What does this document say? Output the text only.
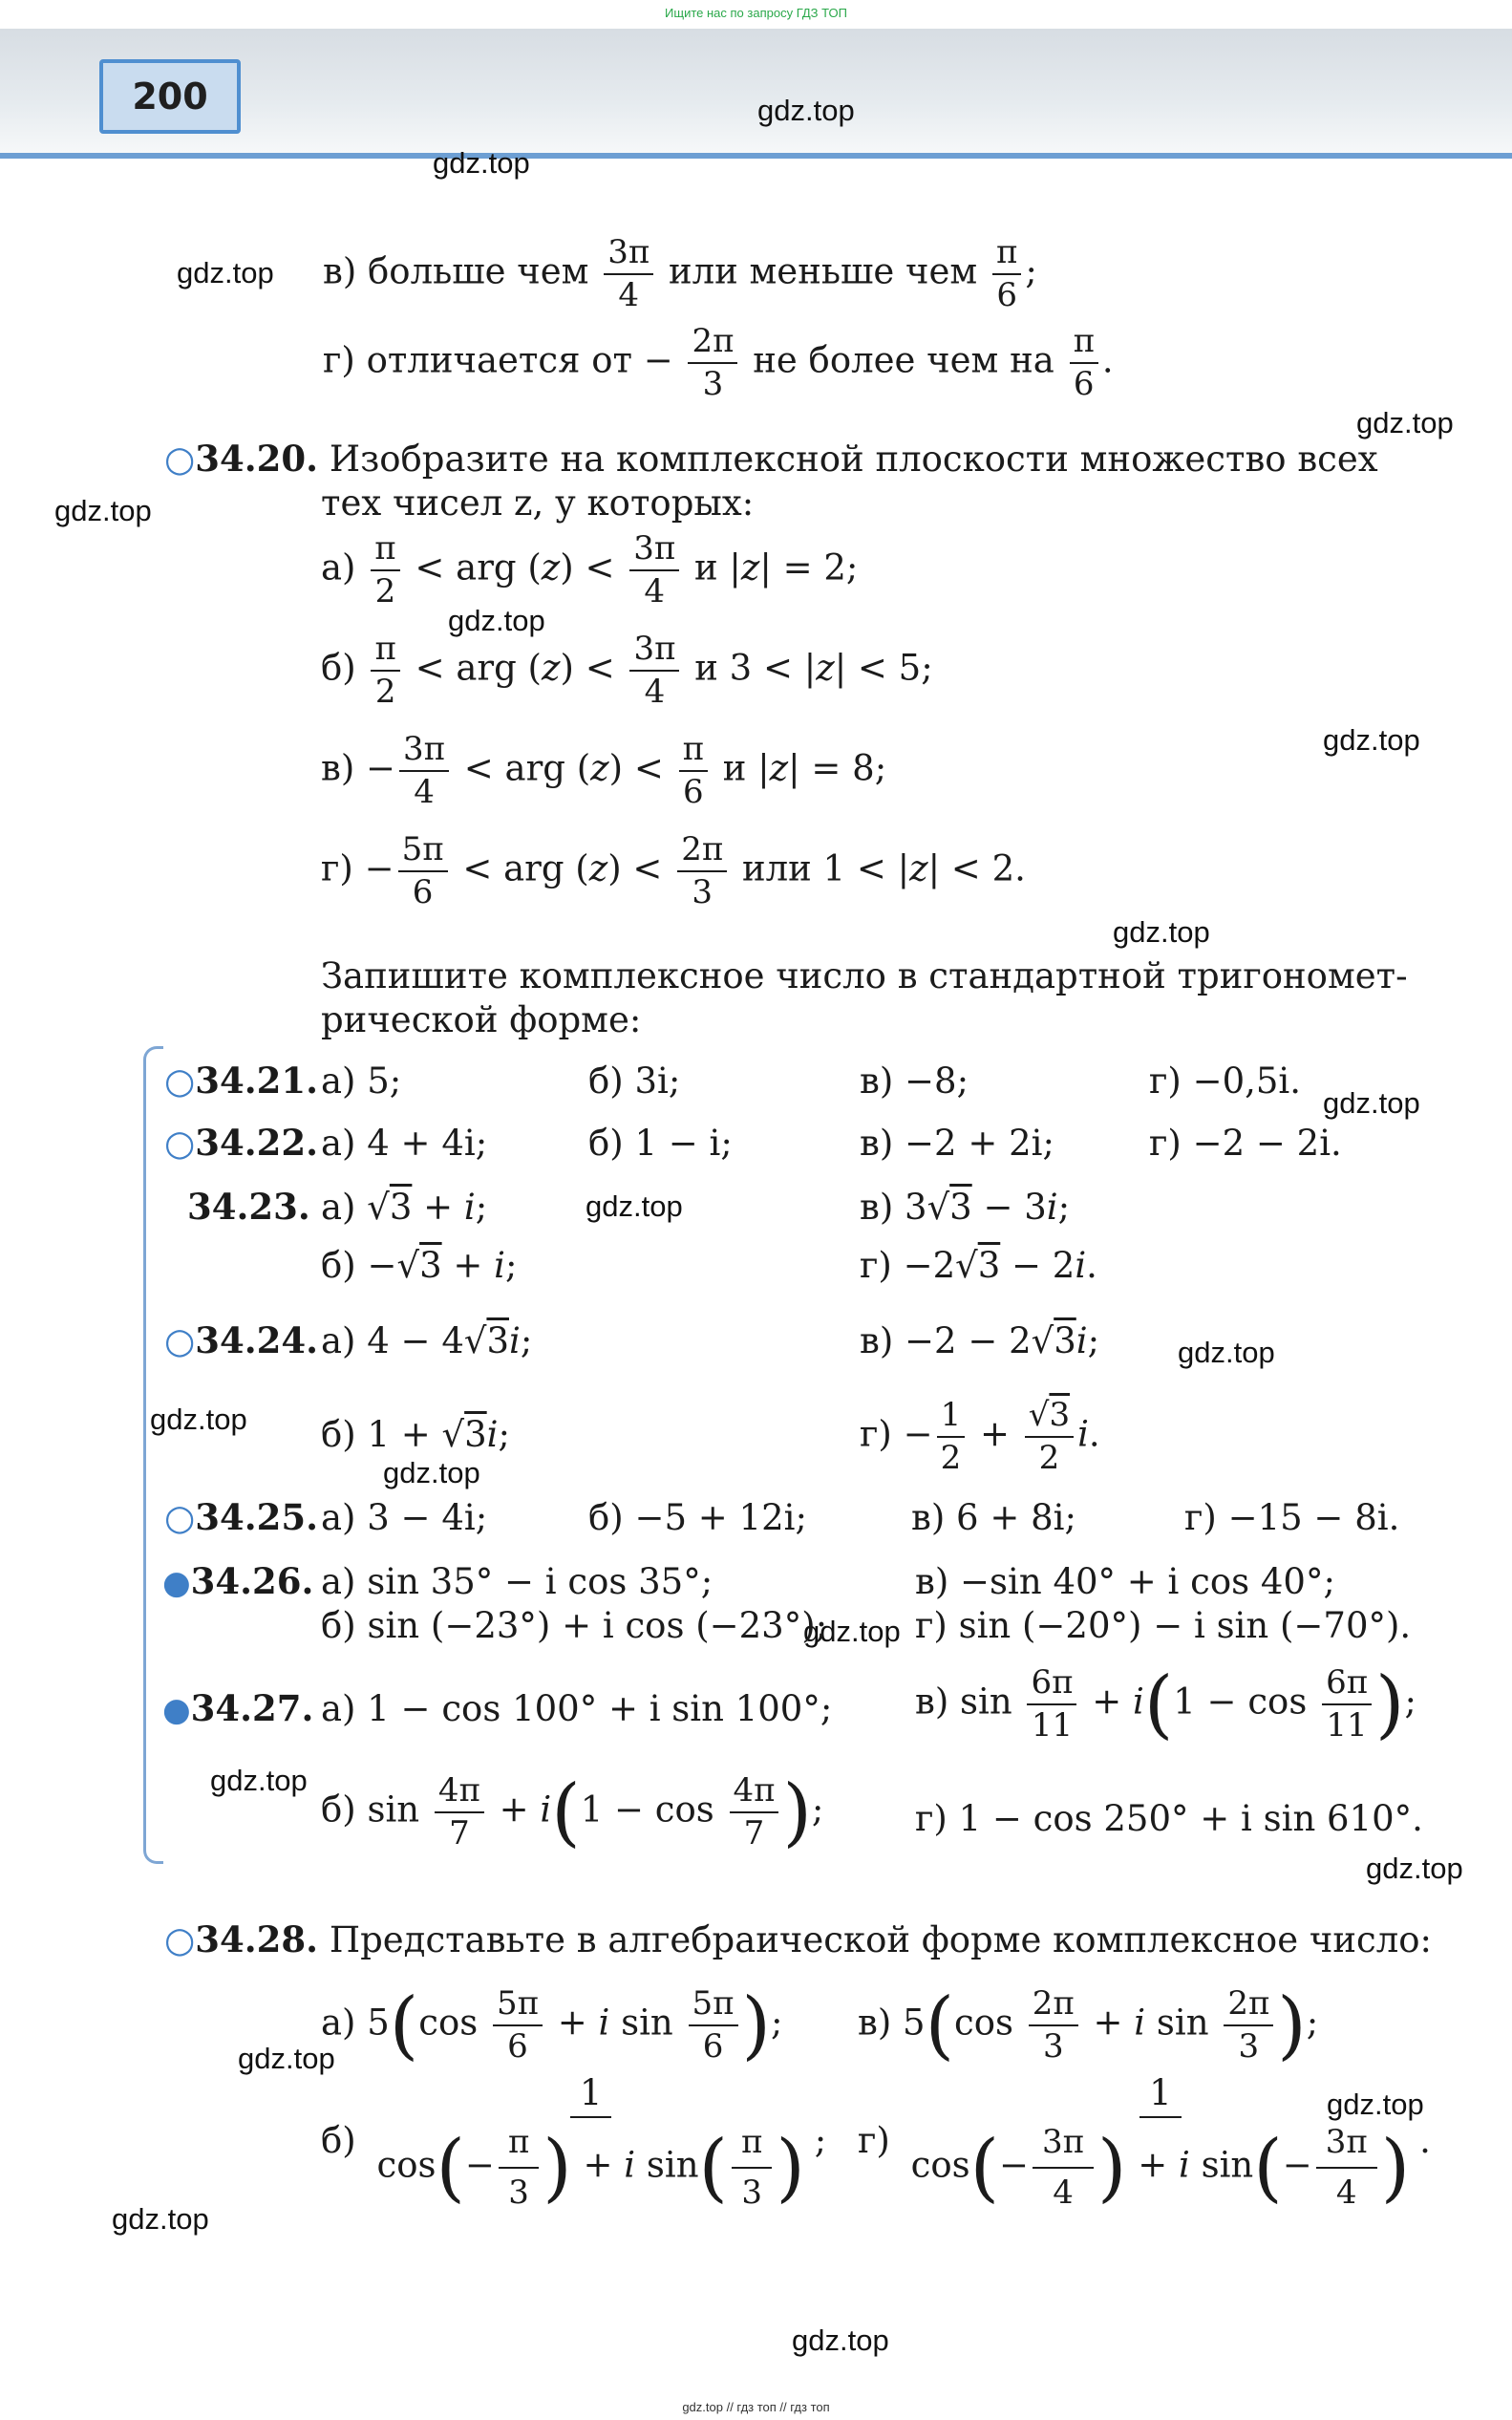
Ищите нас по запросу ГДЗ ТОП
200	gdz.top
gdz.top
gdz.top
gdz.top
gdz.top
gdz.top
gdz.top
gdz.top
gdz.top
gdz.top
gdz.top
gdz.top
gdz.top
gdz.top
gdz.top
gdz.top
gdz.top
gdz.top
gdz.top
gdz.top
в) больше чем $\frac{3\pi}{4}$ или меньше чем $\frac{\pi}{6}$ ;
г) отличается от − $\frac{2\pi}{3}$ не более чем на $\frac{\pi}{6}$ .
○34.20. Изобразите на комплексной плоскости множество всех
тех чисел z, у которых:
$а) \frac{\pi}{2}$ < arg $(z) < \frac{3\pi}{4}$ и |z| = 2;
$б) \frac{\pi}{2}$ < arg $(z) < \frac{3\pi}{4}$ и 3 < |z| < 5;
$в) - \frac{3\pi}{4}$ < arg $(z) < \frac{\pi}{6}$ и |z| = 8;
$г) - \frac{5\pi}{6}$ < arg $(z) < \frac{2\pi}{3}$ или 1 < |z| < 2.
Запишите комплексное число в стандартной тригономет-
рической форме:
○34.21. а) 5;	б) 3i;	в) −8;	г) −0,5i.
○34.22. а) 4 + 4i;	б) 1 − i;	в) −2 + 2i;	г) −2 − 2i.
34.23. а) √3 + i;	в) 3√3 − 3i;
б) −√3 + i;	г) −2√3 − 2i.
○34.24. а) 4 − 4√3i;	в) −2 − 2√3i;
б) 1 + √3i;	$г) - \frac{1}{2} + \frac{√3}{2} i$.
○34.25. а) 3 − 4i;	б) −5 + 12i;	в) 6 + 8i;	г) −15 − 8i.
●34.26. а) sin 35° − i cos 35°;	в) −sin 40° + i cos 40°;
б) sin (−23°) + i cos (−23°); г) sin (−20°) − i sin (−70°).
●34.27. а) 1 − cos 100° + i sin 100°; в) $\sin \frac{6\pi}{11} + i(1 - \cos \frac{6\pi}{11}$ );
б) $\sin \frac{4\pi}{7} + i(1 - \cos \frac{4\pi}{7}$ );	г) 1 − cos 250° + i sin 610°.
○34.28. Представьте в алгебраической форме комплексное число:
а) $5(\cos \frac{5\pi}{6} + i$ $\sin \frac{5\pi}{6}$ ); в) $5(\cos \frac{2\pi}{3} + i$ $\sin \frac{2\pi}{3}$ );
$б) \frac{1}{\cos(- \frac{\pi}{3} ) + i \sin( \frac{\pi}{3} )}$ ; $г) \frac{1}{\cos(- \frac{3\pi}{4} ) + i \sin(- \frac{3\pi}{4} )}$ .
gdz.top // гдз топ // гдз топ
